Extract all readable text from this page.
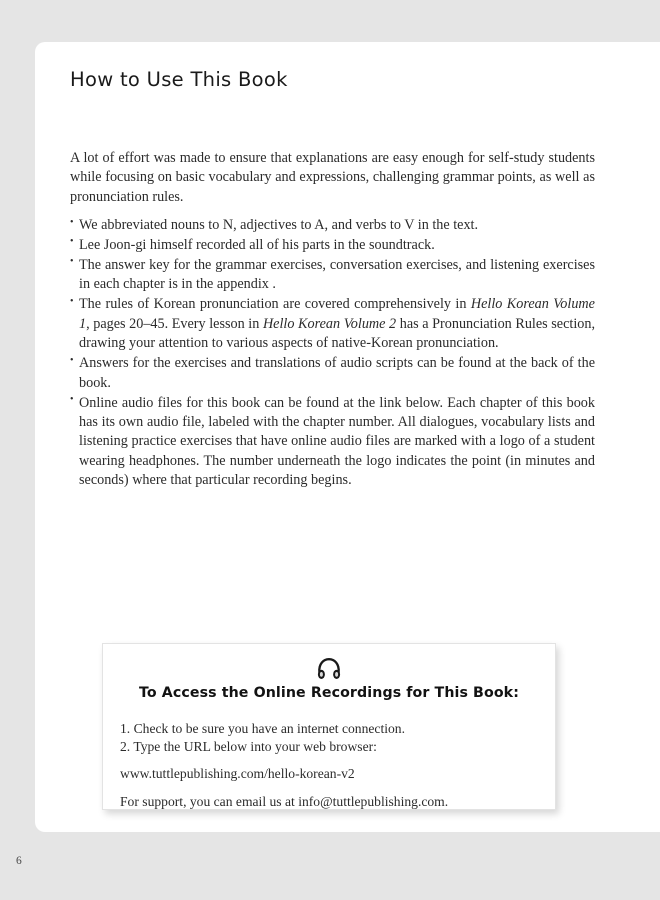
How to Use This Book

A lot of effort was made to ensure that explanations are easy enough for self-study students while focusing on basic vocabulary and expressions, challenging grammar points, as well as pronunciation rules.

• We abbreviated nouns to N, adjectives to A, and verbs to V in the text.
• Lee Joon-gi himself recorded all of his parts in the soundtrack.
• The answer key for the grammar exercises, conversation exercises, and listening exercises in each chapter is in the appendix .
• The rules of Korean pronunciation are covered comprehensively in Hello Korean Volume 1, pages 20–45. Every lesson in Hello Korean Volume 2 has a Pronunciation Rules section, drawing your attention to various aspects of native-Korean pronunciation.
• Answers for the exercises and translations of audio scripts can be found at the back of the book.
• Online audio files for this book can be found at the link below. Each chapter of this book has its own audio file, labeled with the chapter number. All dialogues, vocabulary lists and listening practice exercises that have online audio files are marked with a logo of a student wearing headphones. The number underneath the logo indicates the point (in minutes and seconds) where that particular recording begins.
To Access the Online Recordings for This Book:
1. Check to be sure you have an internet connection.
2. Type the URL below into your web browser:
www.tuttlepublishing.com/hello-korean-v2
For support, you can email us at info@tuttlepublishing.com.
6
